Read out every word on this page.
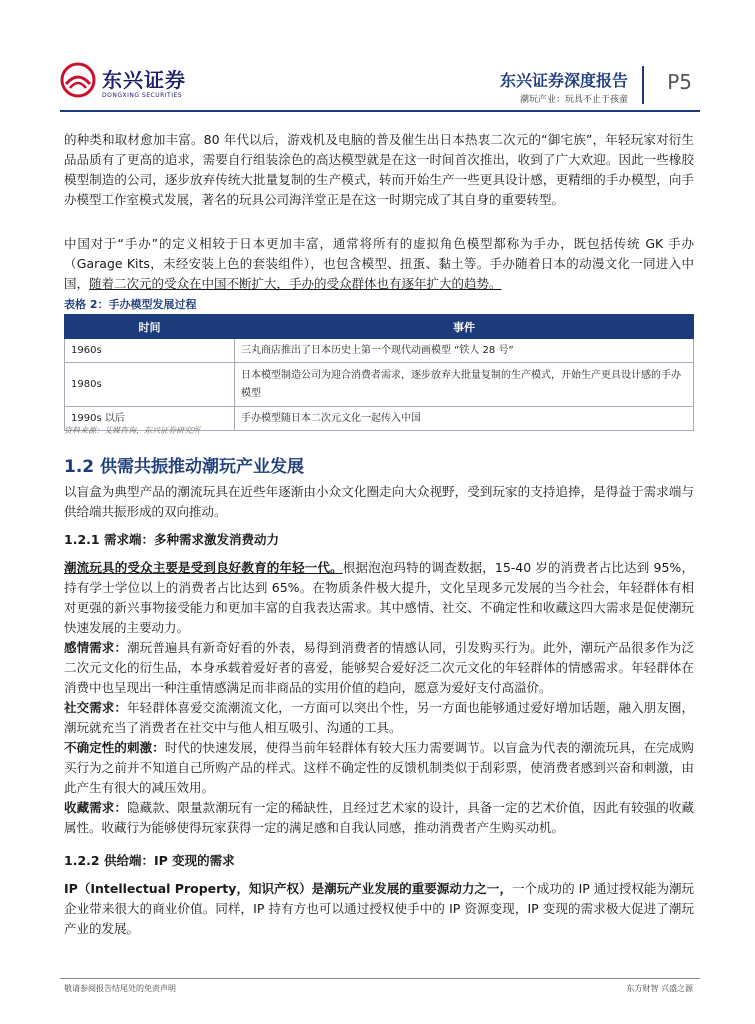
东兴证券
DONGXING SECURITIES
东兴证券深度报告
潮玩产业：玩具不止于孩童
P5

的种类和取材愈加丰富。80 年代以后，游戏机及电脑的普及催生出日本热衷二次元的“御宅族”，年轻玩家对衍生品品质有了更高的追求，需要自行组装涂色的高达模型就是在这一时间首次推出，收到了广大欢迎。因此一些橡胶模型制造的公司，逐步放弃传统大批量复制的生产模式，转而开始生产一些更具设计感，更精细的手办模型，向手办模型工作室模式发展，著名的玩具公司海洋堂正是在这一时期完成了其自身的重要转型。

中国对于“手办”的定义相较于日本更加丰富，通常将所有的虚拟角色模型都称为手办，既包括传统 GK 手办（Garage Kits，未经安装上色的套装组件），也包含模型、扭蛋、黏土等。手办随着日本的动漫文化一同进入中国，随着二次元的受众在中国不断扩大，手办的受众群体也有逐年扩大的趋势。

表格 2：手办模型发展过程
时间	事件
1960s	三丸商店推出了日本历史上第一个现代动画模型 “铁人 28 号”
1980s	日本模型制造公司为迎合消费者需求，逐步放弃大批量复制的生产模式，开始生产更具设计感的手办模型
1990s 以后	手办模型随日本二次元文化一起传入中国
资料来源：艾媒咨询，东兴证券研究所
1.2 供需共振推动潮玩产业发展

以盲盒为典型产品的潮流玩具在近些年逐渐由小众文化圈走向大众视野，受到玩家的支持追捧，是得益于需求端与供给端共振形成的双向推动。

1.2.1 需求端：多种需求激发消费动力

潮流玩具的受众主要是受到良好教育的年轻一代。根据泡泡玛特的调查数据，15-40 岁的消费者占比达到 95%，持有学士学位以上的消费者占比达到 65%。在物质条件极大提升，文化呈现多元发展的当今社会，年轻群体有相对更强的新兴事物接受能力和更加丰富的自我表达需求。其中感情、社交、不确定性和收藏这四大需求是促使潮玩快速发展的主要动力。

感情需求：潮玩普遍具有新奇好看的外表，易得到消费者的情感认同，引发购买行为。此外，潮玩产品很多作为泛二次元文化的衍生品，本身承载着爱好者的喜爱，能够契合爱好泛二次元文化的年轻群体的情感需求。年轻群体在消费中也呈现出一种注重情感满足而非商品的实用价值的趋向，愿意为爱好支付高溢价。

社交需求：年轻群体喜爱交流潮流文化，一方面可以突出个性，另一方面也能够通过爱好增加话题，融入朋友圈，潮玩就充当了消费者在社交中与他人相互吸引、沟通的工具。

不确定性的刺激：时代的快速发展，使得当前年轻群体有较大压力需要调节。以盲盒为代表的潮流玩具，在完成购买行为之前并不知道自己所购产品的样式。这样不确定性的反馈机制类似于刮彩票，使消费者感到兴奋和刺激，由此产生有很大的减压效用。

收藏需求：隐藏款、限量款潮玩有一定的稀缺性，且经过艺术家的设计，具备一定的艺术价值，因此有较强的收藏属性。收藏行为能够使得玩家获得一定的满足感和自我认同感，推动消费者产生购买动机。

1.2.2 供给端：IP 变现的需求

IP（Intellectual Property，知识产权）是潮玩产业发展的重要源动力之一，一个成功的 IP 通过授权能为潮玩企业带来很大的商业价值。同样，IP 持有方也可以通过授权使手中的 IP 资源变现，IP 变现的需求极大促进了潮玩产业的发展。

敬请参阅报告结尾处的免责声明	东方财智 兴盛之源
